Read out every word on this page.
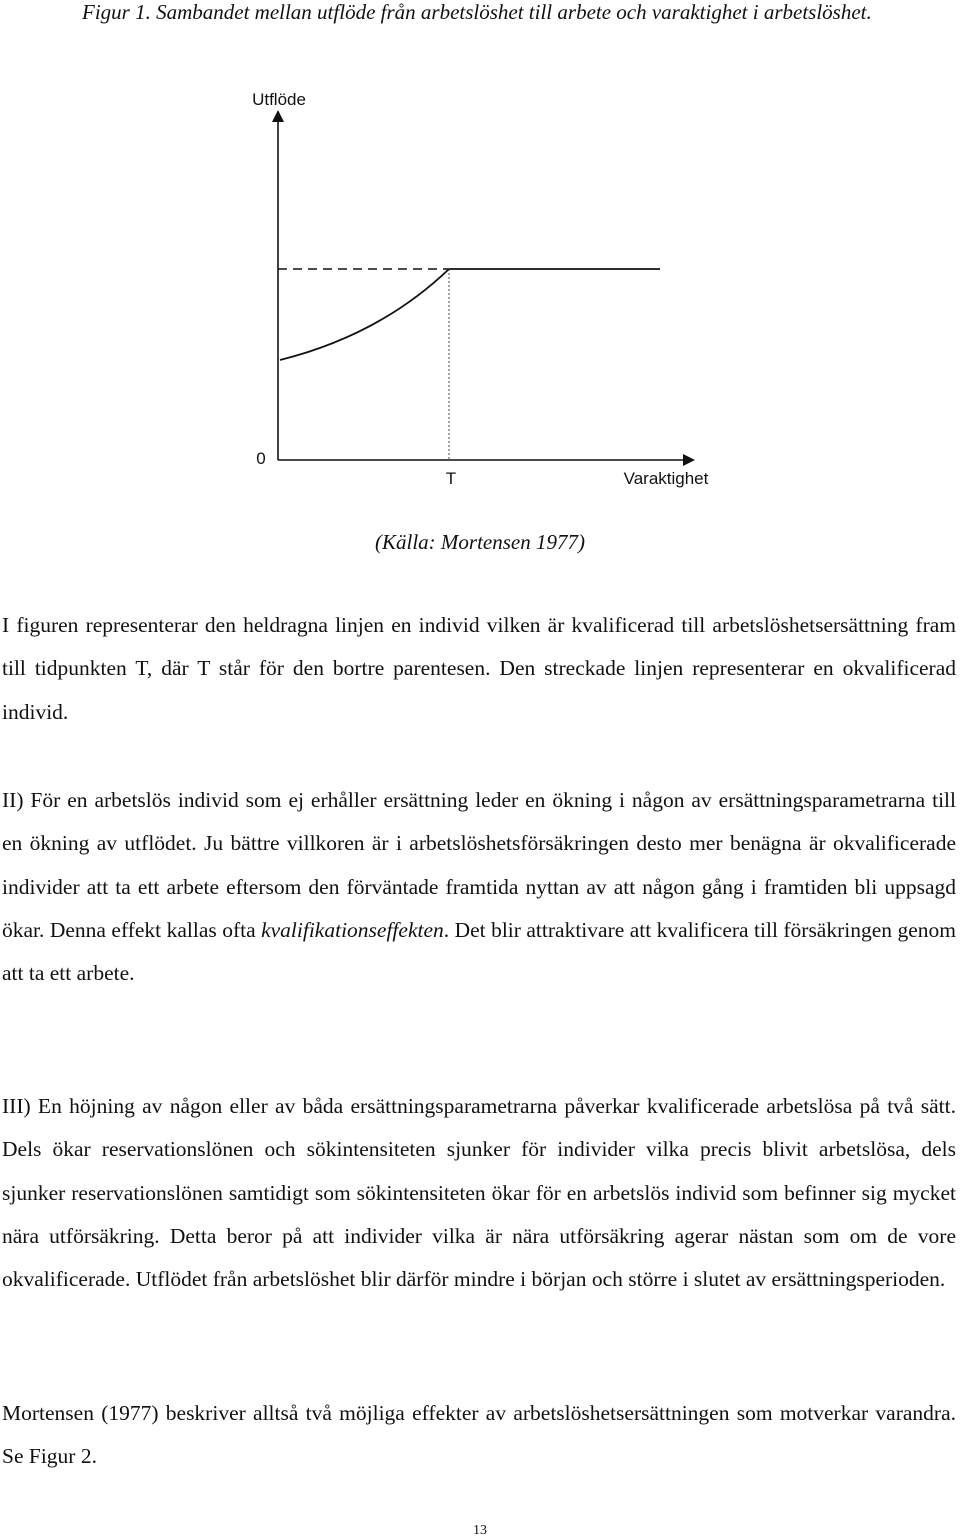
Figur 1. Sambandet mellan utflöde från arbetslöshet till arbete och varaktighet i arbetslöshet.
Utflöde
0
T	Varaktighet
(Källa: Mortensen 1977)

I figuren representerar den heldragna linjen en individ vilken är kvalificerad till arbetslöshetsersättning fram till tidpunkten T, där T står för den bortre parentesen. Den streckade linjen representerar en okvalificerad individ.

II) För en arbetslös individ som ej erhåller ersättning leder en ökning i någon av ersättningsparametrarna till en ökning av utflödet. Ju bättre villkoren är i arbetslöshetsförsäkringen desto mer benägna är okvalificerade individer att ta ett arbete eftersom den förväntade framtida nyttan av att någon gång i framtiden bli uppsagd ökar. Denna effekt kallas ofta kvalifikationseffekten. Det blir attraktivare att kvalificera till försäkringen genom att ta ett arbete.

III) En höjning av någon eller av båda ersättningsparametrarna påverkar kvalificerade arbetslösa på två sätt. Dels ökar reservationslönen och sökintensiteten sjunker för individer vilka precis blivit arbetslösa, dels sjunker reservationslönen samtidigt som sökintensiteten ökar för en arbetslös individ som befinner sig mycket nära utförsäkring. Detta beror på att individer vilka är nära utförsäkring agerar nästan som om de vore okvalificerade. Utflödet från arbetslöshet blir därför mindre i början och större i slutet av ersättningsperioden.

Mortensen (1977) beskriver alltså två möjliga effekter av arbetslöshetsersättningen som motverkar varandra. Se Figur 2.

13
